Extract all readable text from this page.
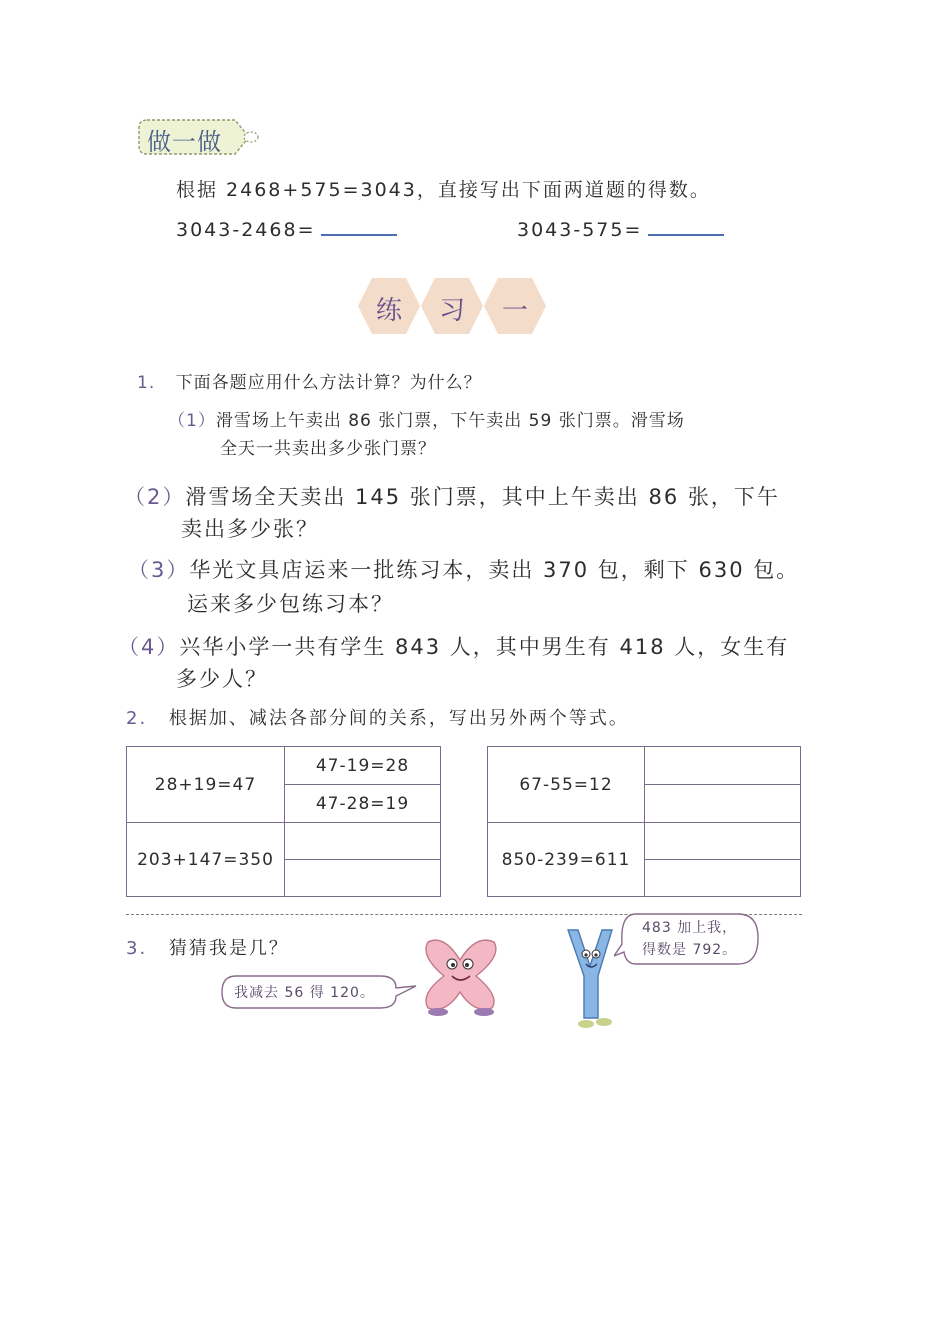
做一做
根据 2468+575=3043，直接写出下面两道题的得数。
3043-2468=	3043-575=
练	习	一
1. 下面各题应用什么方法计算？为什么？
（1）滑雪场上午卖出 86 张门票，下午卖出 59 张门票。滑雪场
全天一共卖出多少张门票？
（2）滑雪场全天卖出 145 张门票，其中上午卖出 86 张，下午
卖出多少张？
（3）华光文具店运来一批练习本，卖出 370 包，剩下 630 包。
运来多少包练习本？
（4）兴华小学一共有学生 843 人，其中男生有 418 人，女生有
多少人？
2. 根据加、减法各部分间的关系，写出另外两个等式。
28+19=47	47-19=28
	47-28=19
203+147=350	

67-55=12	

850-239=611	

3. 猜猜我是几？
我减去 56 得 120。
483 加上我，
得数是 792。
